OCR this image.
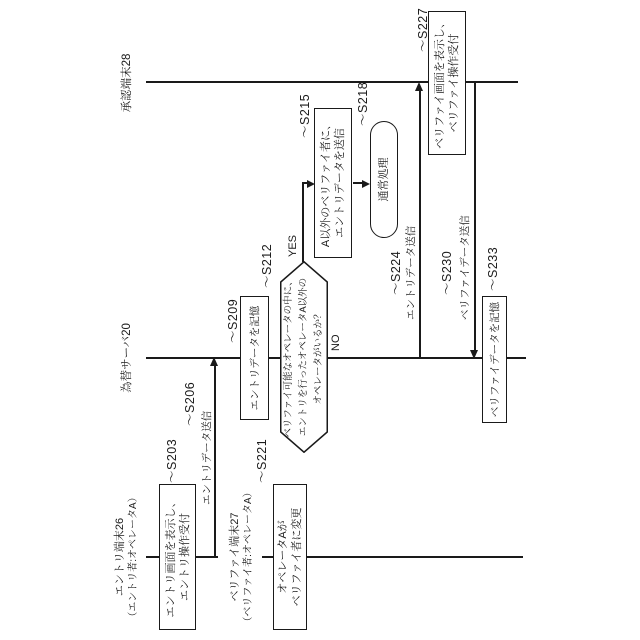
エントリ端末26 （エントリ者:オペレータA）	ベリファイ端末27 （ベリファイ者:オペレータA）
為替サーバ20
承認端末28
エントリデータ送信
〜S206
エントリデータ送信
〜S224	ベリファイデータ送信
〜S230
ベリファイ可能なオペレータの中に、 エントリを行ったオペレータA以外の オペレータがいるか？
〜S212 YES
NO
エントリ画面を表示し、 エントリ操作受付
〜S203
オペレータAが ベリファイ者に変更
〜S221
エントリデータを記憶
〜S209
A以外のベリファイ者に、 エントリデータを送信
〜S215
通常処理
〜S218	ベリファイ画面を表示し、 ベリファイ操作受付
〜S227
ベリファイデータを記憶
〜S233
